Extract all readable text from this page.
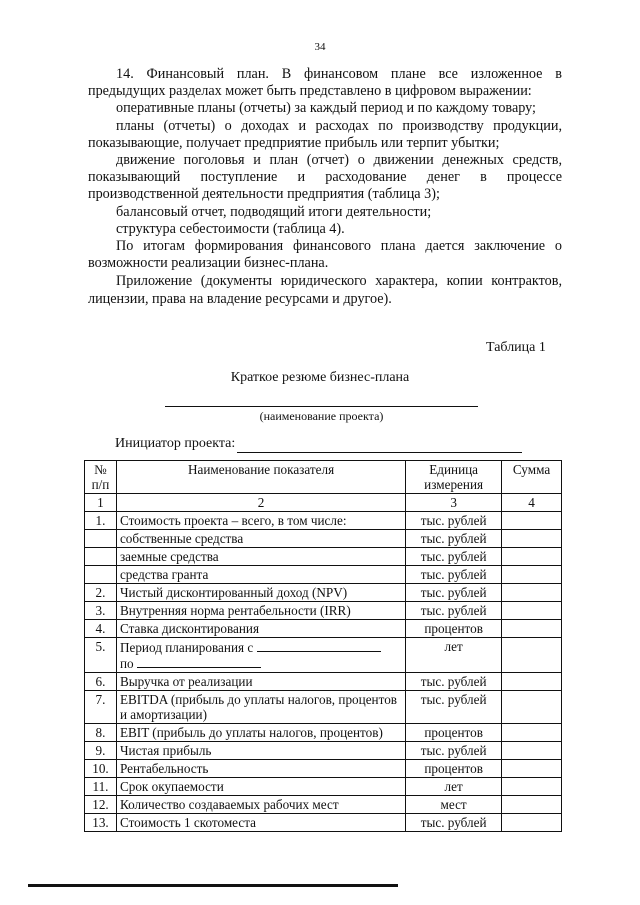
34

14. Финансовый план. В финансовом плане все изложенное в предыдущих разделах может быть представлено в цифровом выражении:

оперативные планы (отчеты) за каждый период и по каждому товару;

планы (отчеты) о доходах и расходах по производству продукции, показывающие, получает предприятие прибыль или терпит убытки;

движение поголовья и план (отчет) о движении денежных средств, показывающий поступление и расходование денег в процессе производственной деятельности предприятия (таблица 3);

балансовый отчет, подводящий итоги деятельности;

структура себестоимости (таблица 4).

По итогам формирования финансового плана дается заключение о возможности реализации бизнес-плана.

Приложение (документы юридического характера, копии контрактов, лицензии, права на владение ресурсами и другое).

Таблица 1
Краткое резюме бизнес-плана
(наименование проекта)
Инициатор проекта:
№ п/п	Наименование показателя	Единица измерения	Сумма
1	2	3	4
1.	Стоимость проекта – всего, в том числе:	тыс. рублей	
	собственные средства	тыс. рублей	
	заемные средства	тыс. рублей	
	средства гранта	тыс. рублей	
2.	Чистый дисконтированный доход (NPV)	тыс. рублей	
3.	Внутренняя норма рентабельности (IRR)	тыс. рублей	
4.	Ставка дисконтирования	процентов	
5.	Период планирования с
по	лет	
6.	Выручка от реализации	тыс. рублей	
7.	EBITDA (прибыль до уплаты налогов, процентов и амортизации)	тыс. рублей	
8.	EBIT (прибыль до уплаты налогов, процентов)	процентов	
9.	Чистая прибыль	тыс. рублей	
10.	Рентабельность	процентов	
11.	Срок окупаемости	лет	
12.	Количество создаваемых рабочих мест	мест	
13.	Стоимость 1 скотоместа	тыс. рублей	
